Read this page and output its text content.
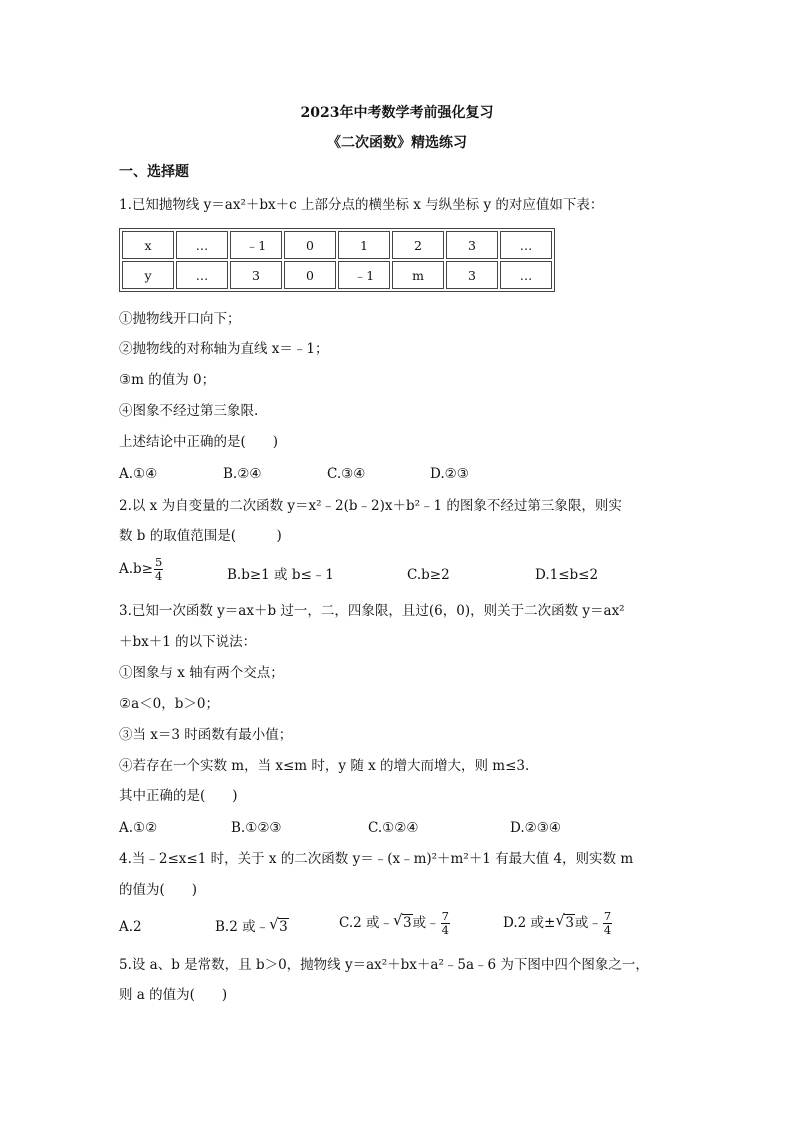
2023年中考数学考前强化复习
《二次函数》精选练习
一、选择题
1.已知抛物线 y＝ax²＋bx＋c 上部分点的横坐标 x 与纵坐标 y 的对应值如下表：
x	…	﹣1	0	1	2	3	…
y	…	3	0	﹣1	m	3	…
①抛物线开口向下；
②抛物线的对称轴为直线 x＝﹣1；
③m 的值为 0；
④图象不经过第三象限.
上述结论中正确的是(　　)
A.①④	B.②④	C.③④	D.②③
2.以 x 为自变量的二次函数 y＝x²﹣2(b﹣2)x＋b²﹣1 的图象不经过第三象限，则实
数 b 的取值范围是(　　　)
$A.b\ge \frac{5}{4}$	B.b≥1 或 b≤﹣1	C.b≥2	D.1≤b≤2
3.已知一次函数 y＝ax＋b 过一，二，四象限，且过(6，0)，则关于二次函数 y＝ax²
＋bx＋1 的以下说法：
①图象与 x 轴有两个交点；
②a＜0，b＞0；
③当 x＝3 时函数有最小值；
④若存在一个实数 m，当 x≤m 时，y 随 x 的增大而增大，则 m≤3.
其中正确的是(　　)
A.①②	B.①②③	C.①②④	D.②③④
4.当﹣2≤x≤1 时，关于 x 的二次函数 y＝﹣(x﹣m)²＋m²＋1 有最大值 4，则实数 m
的值为(　　)
A.2	B.2 或﹣ √ 3	C.2 或﹣ √ 3或﹣ $\frac{7}{4}$	D.2 或± √ 3或﹣ $\frac{7}{4}$
5.设 a、b 是常数，且 b＞0，抛物线 y＝ax²＋bx＋a²﹣5a﹣6 为下图中四个图象之一，
则 a 的值为(　　)
